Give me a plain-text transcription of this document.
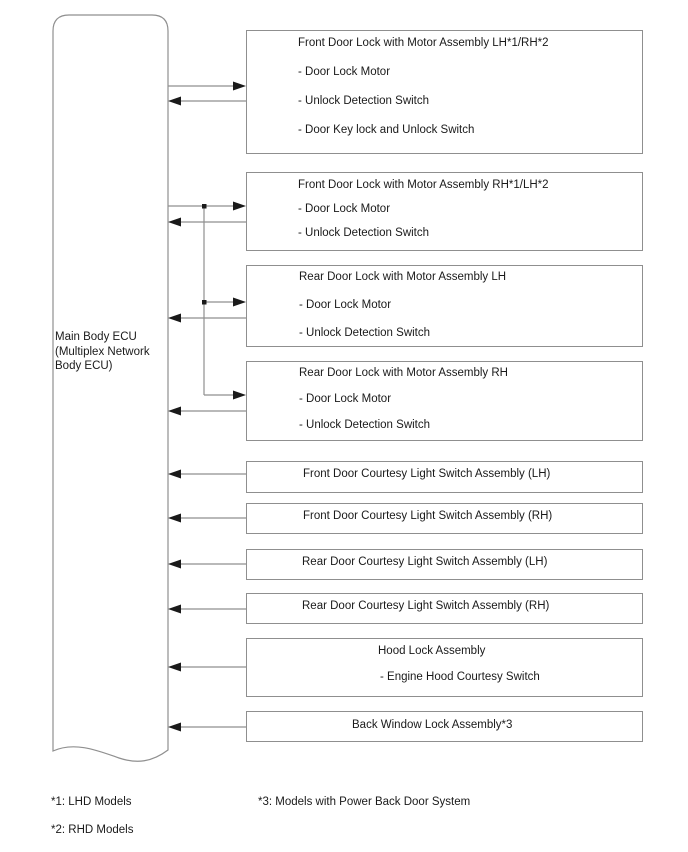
Main Body ECU
(Multiplex Network
Body ECU)
Front Door Lock with Motor Assembly LH*1/RH*2
- Door Lock Motor
- Unlock Detection Switch
- Door Key lock and Unlock Switch
Front Door Lock with Motor Assembly RH*1/LH*2
- Door Lock Motor
- Unlock Detection Switch
Rear Door Lock with Motor Assembly LH
- Door Lock Motor
- Unlock Detection Switch
Rear Door Lock with Motor Assembly RH
- Door Lock Motor
- Unlock Detection Switch
Front Door Courtesy Light Switch Assembly (LH)
Front Door Courtesy Light Switch Assembly (RH)
Rear Door Courtesy Light Switch Assembly (LH)
Rear Door Courtesy Light Switch Assembly (RH)
Hood Lock Assembly
- Engine Hood Courtesy Switch
Back Window Lock Assembly*3
*1: LHD Models
*2: RHD Models
*3: Models with Power Back Door System
